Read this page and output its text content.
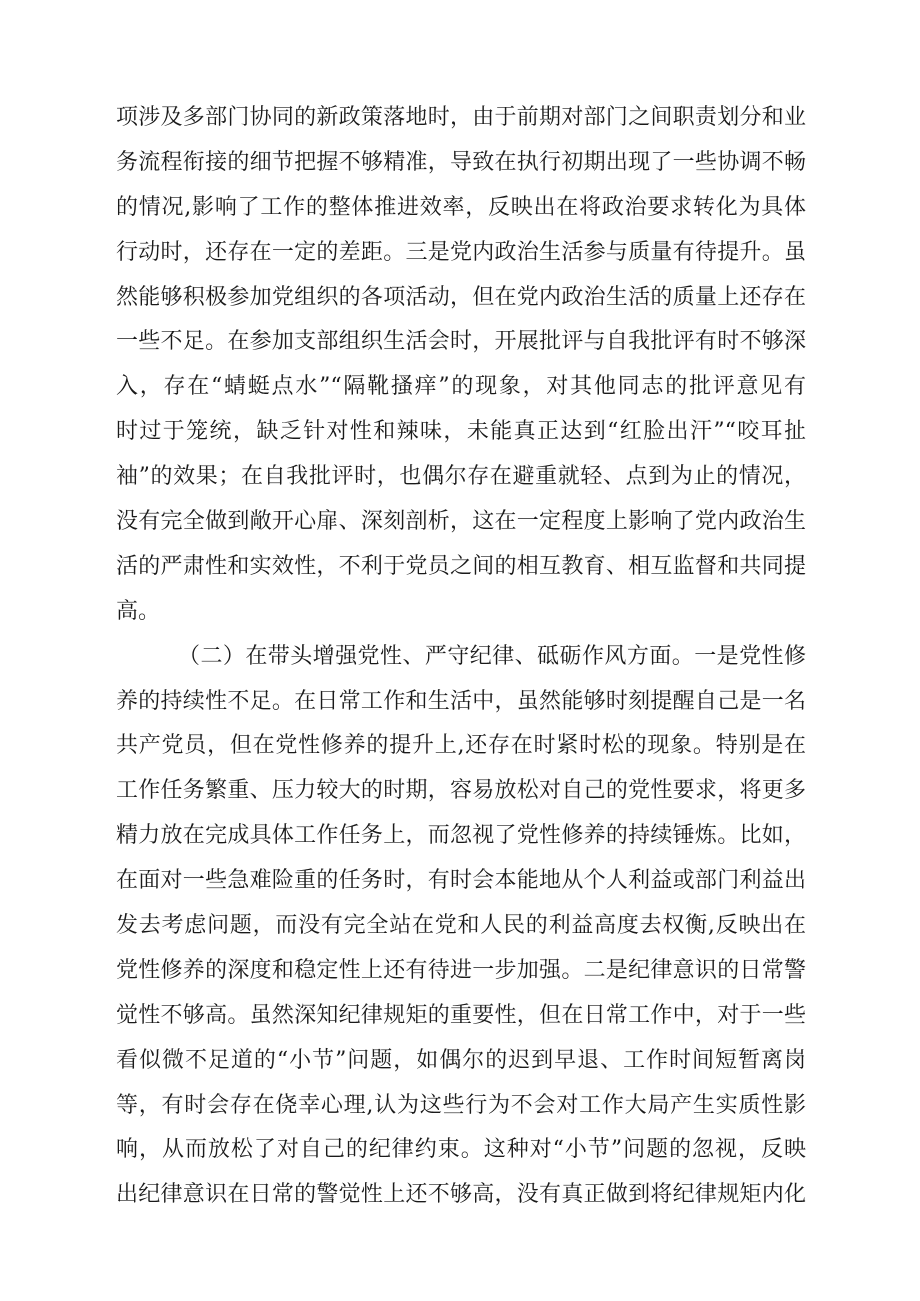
项涉及多部门协同的新政策落地时，由于前期对部门之间职责划分和业
务流程衔接的细节把握不够精准，导致在执行初期出现了一些协调不畅
的情况,影响了工作的整体推进效率，反映出在将政治要求转化为具体
行动时，还存在一定的差距。三是党内政治生活参与质量有待提升。虽
然能够积极参加党组织的各项活动，但在党内政治生活的质量上还存在
一些不足。在参加支部组织生活会时，开展批评与自我批评有时不够深
入，存在“蜻蜓点水”“隔靴搔痒”的现象，对其他同志的批评意见有
时过于笼统，缺乏针对性和辣味，未能真正达到“红脸出汗”“咬耳扯
袖”的效果；在自我批评时，也偶尔存在避重就轻、点到为止的情况，
没有完全做到敞开心扉、深刻剖析，这在一定程度上影响了党内政治生
活的严肃性和实效性，不利于党员之间的相互教育、相互监督和共同提
高。
（二）在带头增强党性、严守纪律、砥砺作风方面。一是党性修
养的持续性不足。在日常工作和生活中，虽然能够时刻提醒自己是一名
共产党员，但在党性修养的提升上,还存在时紧时松的现象。特别是在
工作任务繁重、压力较大的时期，容易放松对自己的党性要求，将更多
精力放在完成具体工作任务上，而忽视了党性修养的持续锤炼。比如，
在面对一些急难险重的任务时，有时会本能地从个人利益或部门利益出
发去考虑问题，而没有完全站在党和人民的利益高度去权衡,反映出在
党性修养的深度和稳定性上还有待进一步加强。二是纪律意识的日常警
觉性不够高。虽然深知纪律规矩的重要性，但在日常工作中，对于一些
看似微不足道的“小节”问题，如偶尔的迟到早退、工作时间短暂离岗
等，有时会存在侥幸心理,认为这些行为不会对工作大局产生实质性影
响，从而放松了对自己的纪律约束。这种对“小节”问题的忽视，反映
出纪律意识在日常的警觉性上还不够高，没有真正做到将纪律规矩内化
